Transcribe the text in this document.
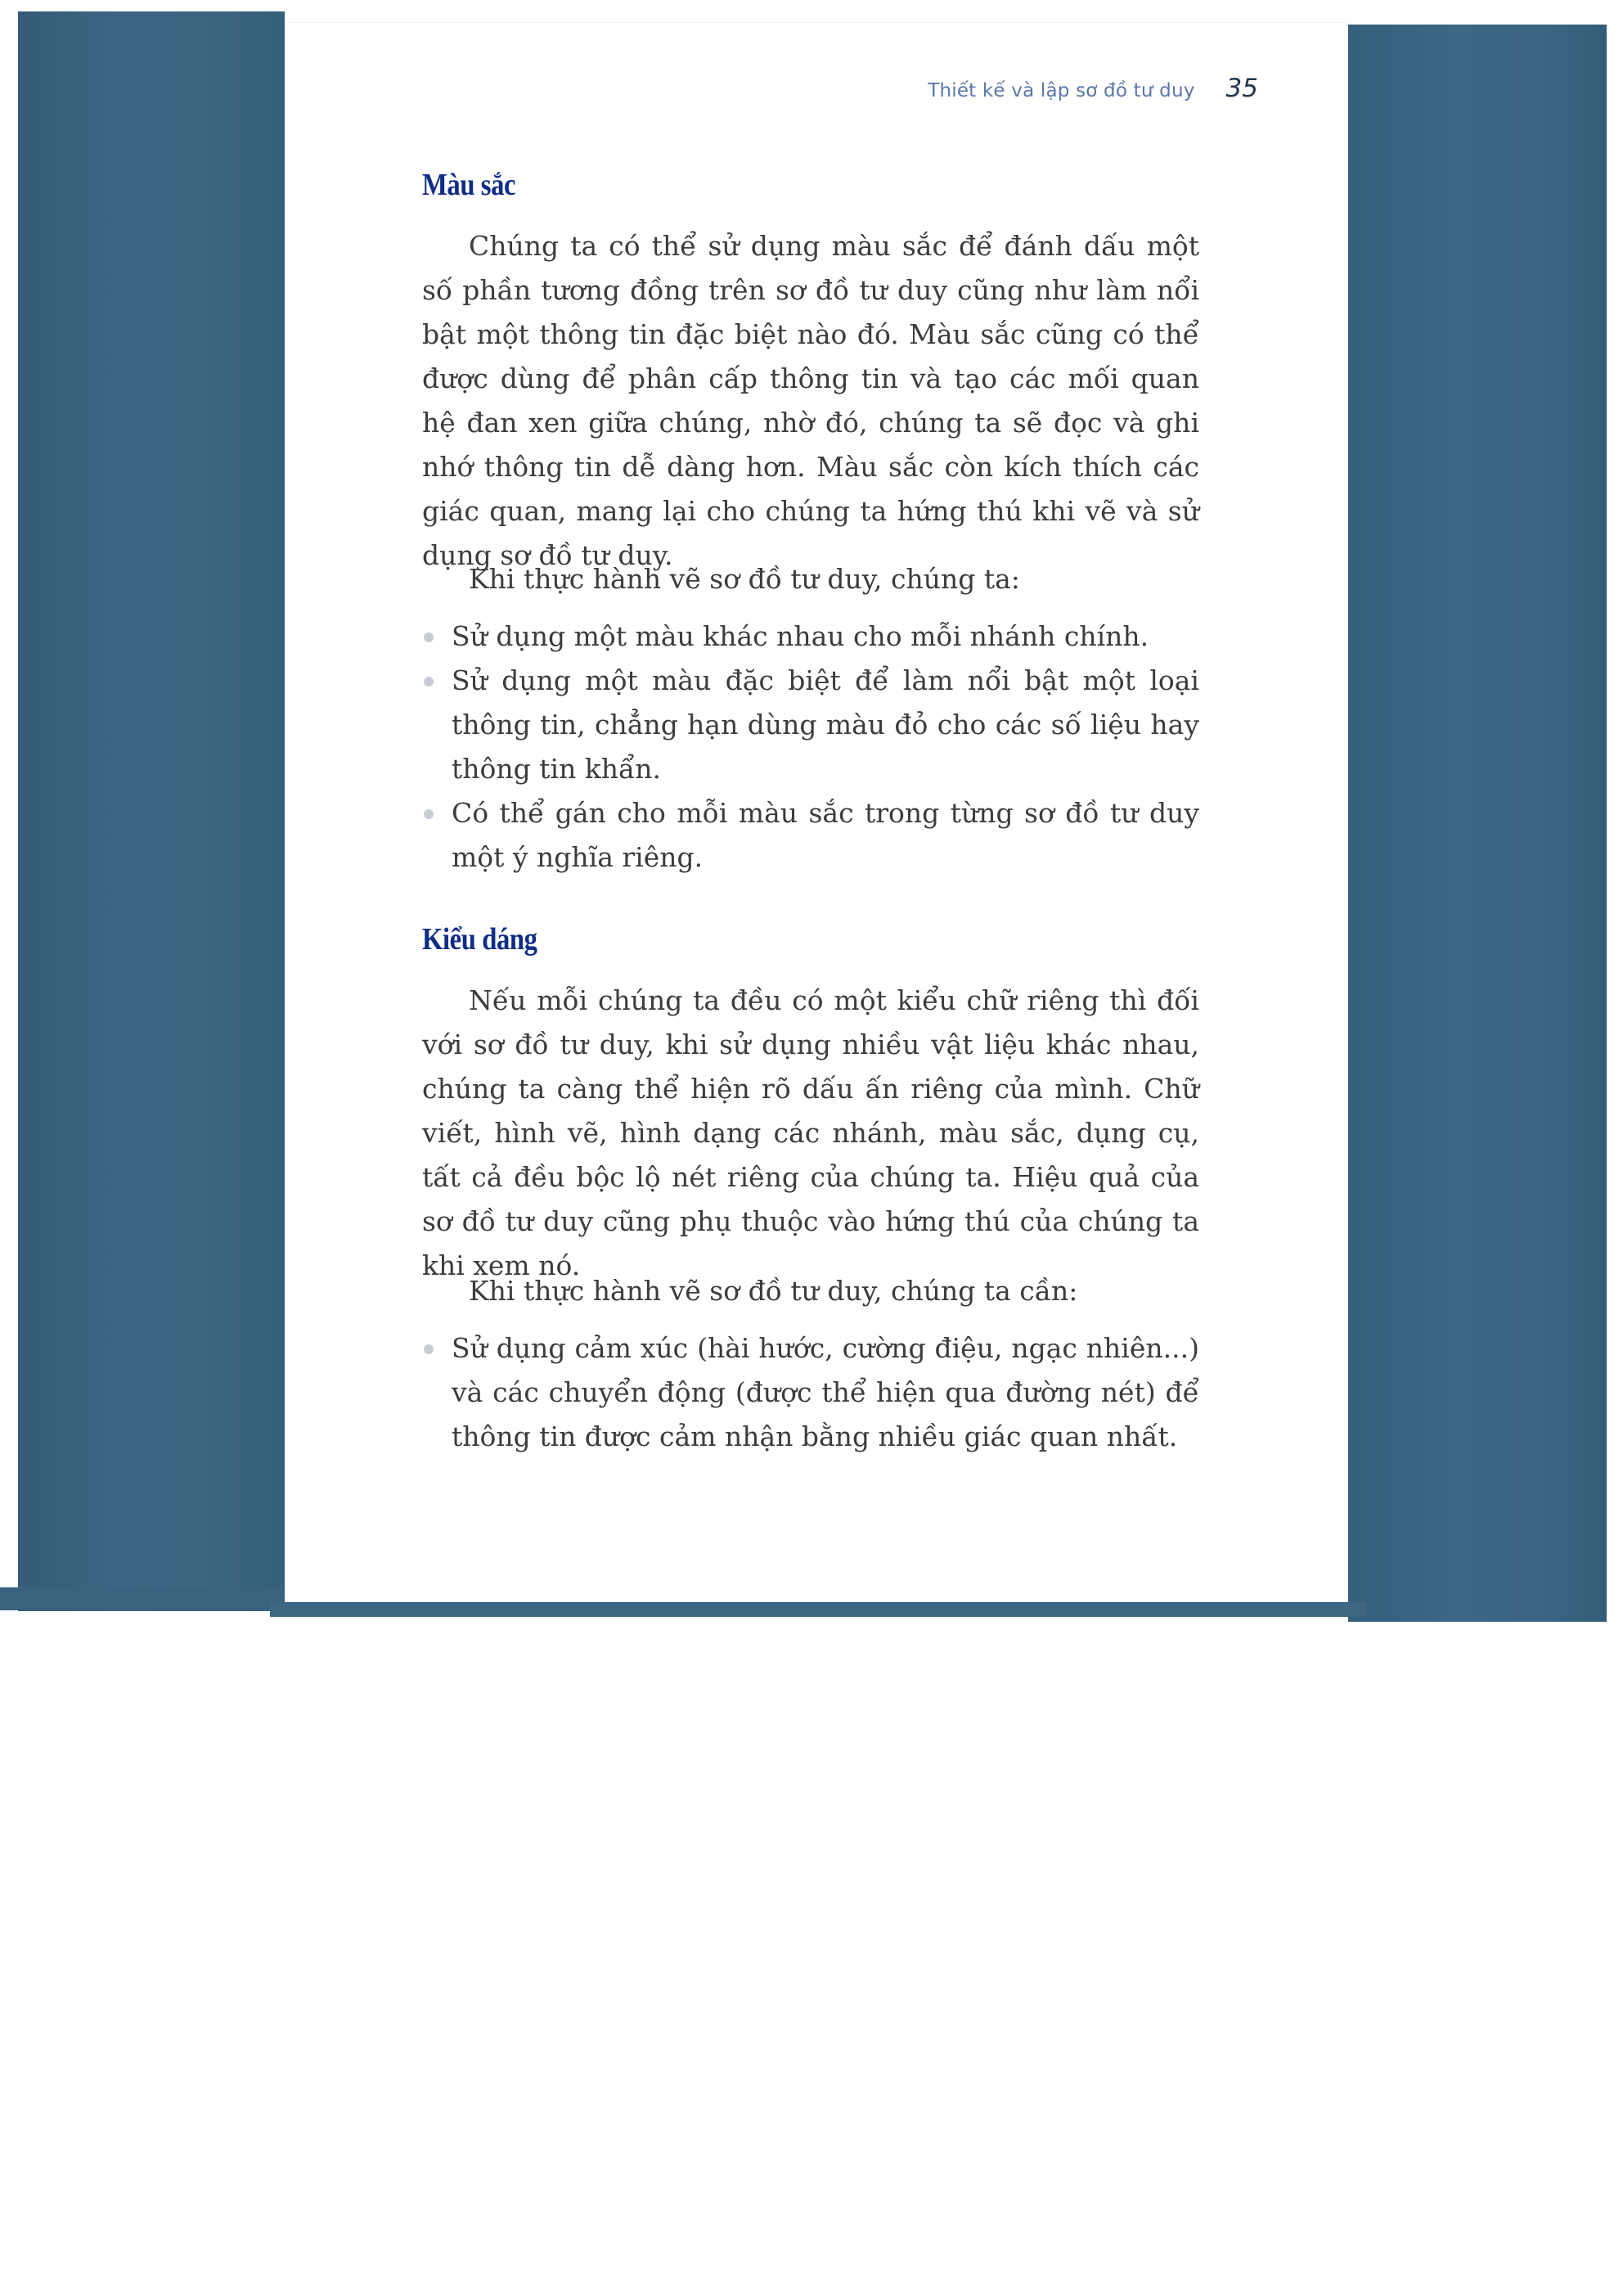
Thiết kế và lập sơ đồ tư duy 35
Màu sắc

Chúng ta có thể sử dụng màu sắc để đánh dấu một số phần tương đồng trên sơ đồ tư duy cũng như làm nổi bật một thông tin đặc biệt nào đó. Màu sắc cũng có thể được dùng để phân cấp thông tin và tạo các mối quan hệ đan xen giữa chúng, nhờ đó, chúng ta sẽ đọc và ghi nhớ thông tin dễ dàng hơn. Màu sắc còn kích thích các giác quan, mang lại cho chúng ta hứng thú khi vẽ và sử dụng sơ đồ tư duy.

Khi thực hành vẽ sơ đồ tư duy, chúng ta:

Sử dụng một màu khác nhau cho mỗi nhánh chính.
Sử dụng một màu đặc biệt để làm nổi bật một loại thông tin, chẳng hạn dùng màu đỏ cho các số liệu hay thông tin khẩn.
Có thể gán cho mỗi màu sắc trong từng sơ đồ tư duy một ý nghĩa riêng.
Kiểu dáng

Nếu mỗi chúng ta đều có một kiểu chữ riêng thì đối với sơ đồ tư duy, khi sử dụng nhiều vật liệu khác nhau, chúng ta càng thể hiện rõ dấu ấn riêng của mình. Chữ viết, hình vẽ, hình dạng các nhánh, màu sắc, dụng cụ, tất cả đều bộc lộ nét riêng của chúng ta. Hiệu quả của sơ đồ tư duy cũng phụ thuộc vào hứng thú của chúng ta khi xem nó.

Khi thực hành vẽ sơ đồ tư duy, chúng ta cần:

Sử dụng cảm xúc (hài hước, cường điệu, ngạc nhiên...) và các chuyển động (được thể hiện qua đường nét) để thông tin được cảm nhận bằng nhiều giác quan nhất.
